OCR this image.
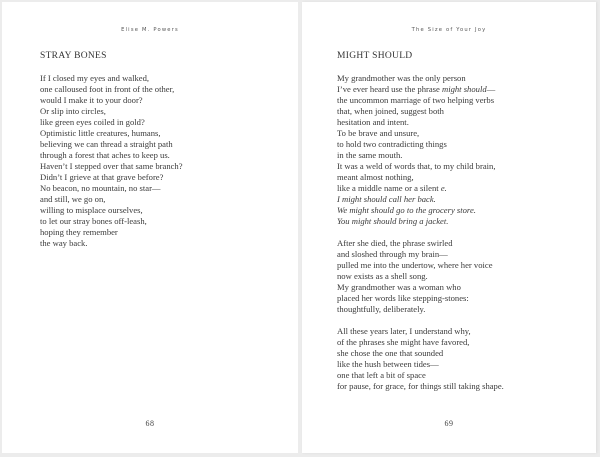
Elise M. Powers
STRAY BONES
If I closed my eyes and walked,
one calloused foot in front of the other,
would I make it to your door?
Or slip into circles,
like green eyes coiled in gold?
Optimistic little creatures, humans,
believing we can thread a straight path
through a forest that aches to keep us.
Haven’t I stepped over that same branch?
Didn’t I grieve at that grave before?
No beacon, no mountain, no star—
and still, we go on,
willing to misplace ourselves,
to let our stray bones off-leash,
hoping they remember
the way back.
68
The Size of Your Joy
MIGHT SHOULD
My grandmother was the only person
I’ve ever heard use the phrase might should—
the uncommon marriage of two helping verbs
that, when joined, suggest both
hesitation and intent.
To be brave and unsure,
to hold two contradicting things
in the same mouth.
It was a weld of words that, to my child brain,
meant almost nothing,
like a middle name or a silent e.
I might should call her back.
We might should go to the grocery store.
You might should bring a jacket.
After she died, the phrase swirled
and sloshed through my brain—
pulled me into the undertow, where her voice
now exists as a shell song.
My grandmother was a woman who
placed her words like stepping-stones:
thoughtfully, deliberately.
All these years later, I understand why,
of the phrases she might have favored,
she chose the one that sounded
like the hush between tides—
one that left a bit of space
for pause, for grace, for things still taking shape.
69
